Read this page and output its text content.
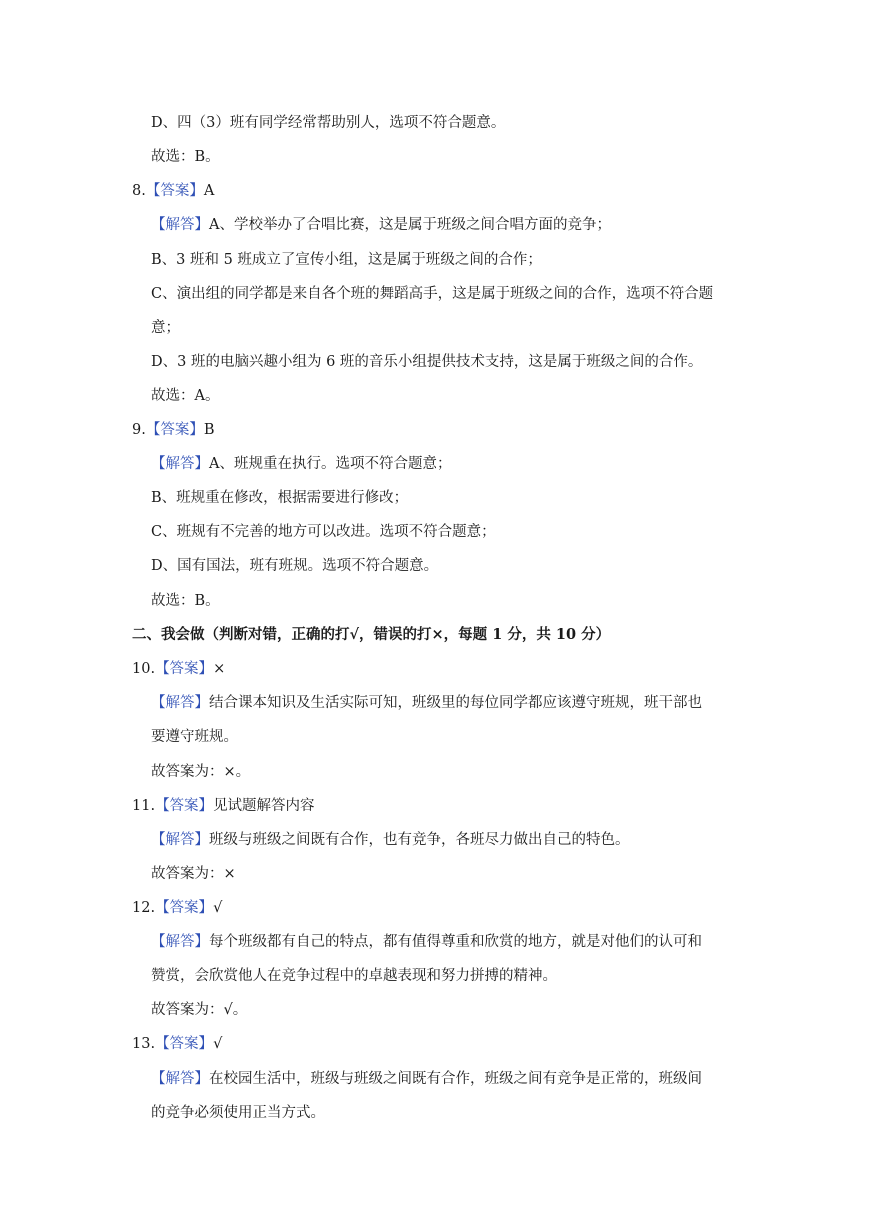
D、四（3）班有同学经常帮助别人，选项不符合题意。
故选：B。
8.【答案】A
【解答】A、学校举办了合唱比赛，这是属于班级之间合唱方面的竞争；
B、3 班和 5 班成立了宣传小组，这是属于班级之间的合作；
C、演出组的同学都是来自各个班的舞蹈高手，这是属于班级之间的合作，选项不符合题
意；
D、3 班的电脑兴趣小组为 6 班的音乐小组提供技术支持，这是属于班级之间的合作。
故选：A。
9.【答案】B
【解答】A、班规重在执行。选项不符合题意；
B、班规重在修改，根据需要进行修改；
C、班规有不完善的地方可以改进。选项不符合题意；
D、国有国法，班有班规。选项不符合题意。
故选：B。
二、我会做（判断对错，正确的打√，错误的打×，每题 1 分，共 10 分）
10.【答案】×
【解答】结合课本知识及生活实际可知，班级里的每位同学都应该遵守班规，班干部也
要遵守班规。
故答案为：×。
11.【答案】见试题解答内容
【解答】班级与班级之间既有合作，也有竞争，各班尽力做出自己的特色。
故答案为：×
12.【答案】√
【解答】每个班级都有自己的特点，都有值得尊重和欣赏的地方，就是对他们的认可和
赞赏，会欣赏他人在竞争过程中的卓越表现和努力拼搏的精神。
故答案为：√。
13.【答案】√
【解答】在校园生活中，班级与班级之间既有合作，班级之间有竞争是正常的，班级间
的竞争必须使用正当方式。
